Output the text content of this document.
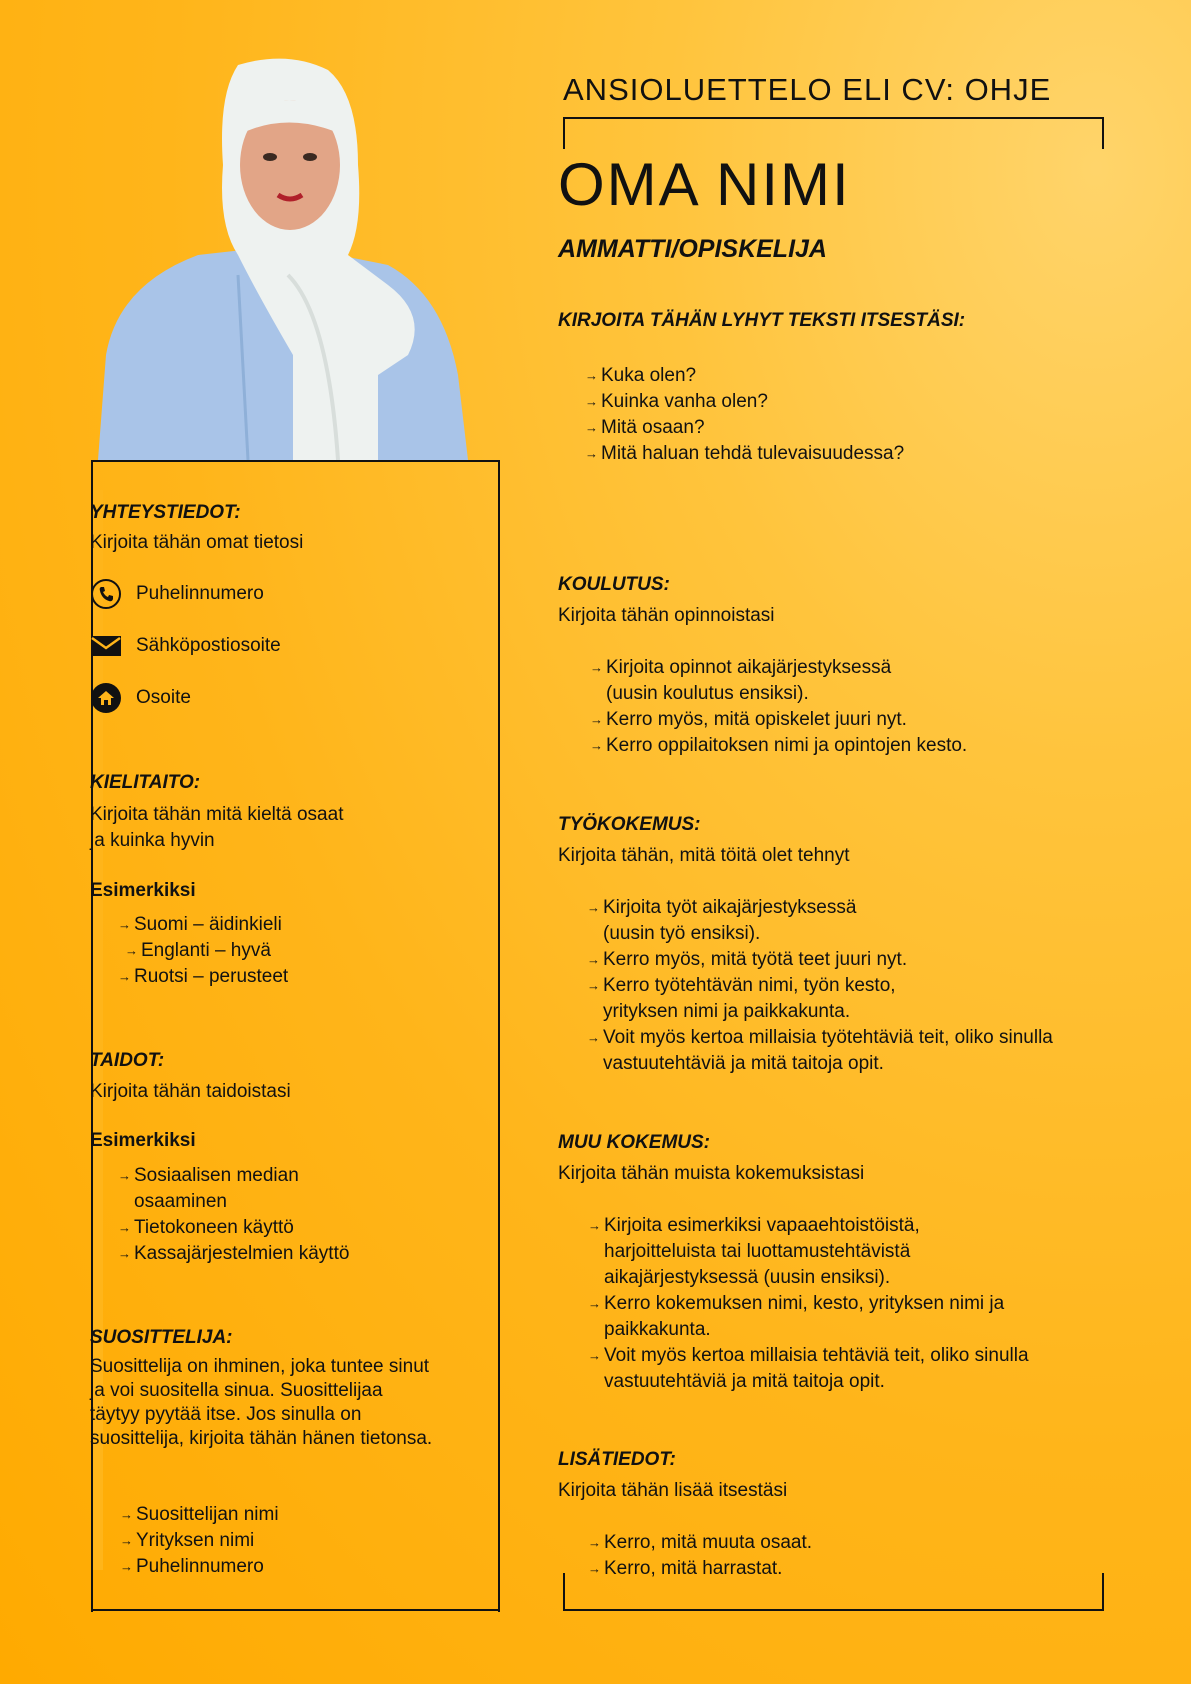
ANSIOLUETTELO ELI CV: OHJE
OMA NIMI
AMMATTI/OPISKELIJA
KIRJOITA TÄHÄN LYHYT TEKSTI ITSESTÄSI:
→ Kuka olen?
→ Kuinka vanha olen?
→ Mitä osaan?
→ Mitä haluan tehdä tulevaisuudessa?
YHTEYSTIEDOT:
Kirjoita tähän omat tietosi
Puhelinnumero
Sähköpostiosoite
Osoite
KIELITAITO:
Kirjoita tähän mitä kieltä osaat ja kuinka hyvin
Esimerkiksi
→ Suomi – äidinkieli
→ Englanti – hyvä
→ Ruotsi – perusteet
TAIDOT:
Kirjoita tähän taidoistasi
Esimerkiksi
→ Sosiaalisen median osaaminen
→ Tietokoneen käyttö
→ Kassajärjestelmien käyttö
SUOSITTELIJA:
Suosittelija on ihminen, joka tuntee sinut ja voi suositella sinua. Suosittelijaa täytyy pyytää itse. Jos sinulla on suosittelija, kirjoita tähän hänen tietonsa.
→ Suosittelijan nimi
→ Yrityksen nimi
→ Puhelinnumero
KOULUTUS:
Kirjoita tähän opinnoistasi
→ Kirjoita opinnot aikajärjestyksessä (uusin koulutus ensiksi).
→ Kerro myös, mitä opiskelet juuri nyt.
→ Kerro oppilaitoksen nimi ja opintojen kesto.
TYÖKOKEMUS:
Kirjoita tähän, mitä töitä olet tehnyt
→ Kirjoita työt aikajärjestyksessä (uusin työ ensiksi).
→ Kerro myös, mitä työtä teet juuri nyt.
→ Kerro työtehtävän nimi, työn kesto, yrityksen nimi ja paikkakunta.
→ Voit myös kertoa millaisia työtehtäviä teit, oliko sinulla vastuutehtäviä ja mitä taitoja opit.
MUU KOKEMUS:
Kirjoita tähän muista kokemuksistasi
→ Kirjoita esimerkiksi vapaaehtoistöistä, harjoitteluista tai luottamustehtävistä aikajärjestyksessä (uusin ensiksi).
→ Kerro kokemuksen nimi, kesto, yrityksen nimi ja paikkakunta.
→ Voit myös kertoa millaisia tehtäviä teit, oliko sinulla vastuutehtäviä ja mitä taitoja opit.
LISÄTIEDOT:
Kirjoita tähän lisää itsestäsi
→ Kerro, mitä muuta osaat.
→ Kerro, mitä harrastat.
